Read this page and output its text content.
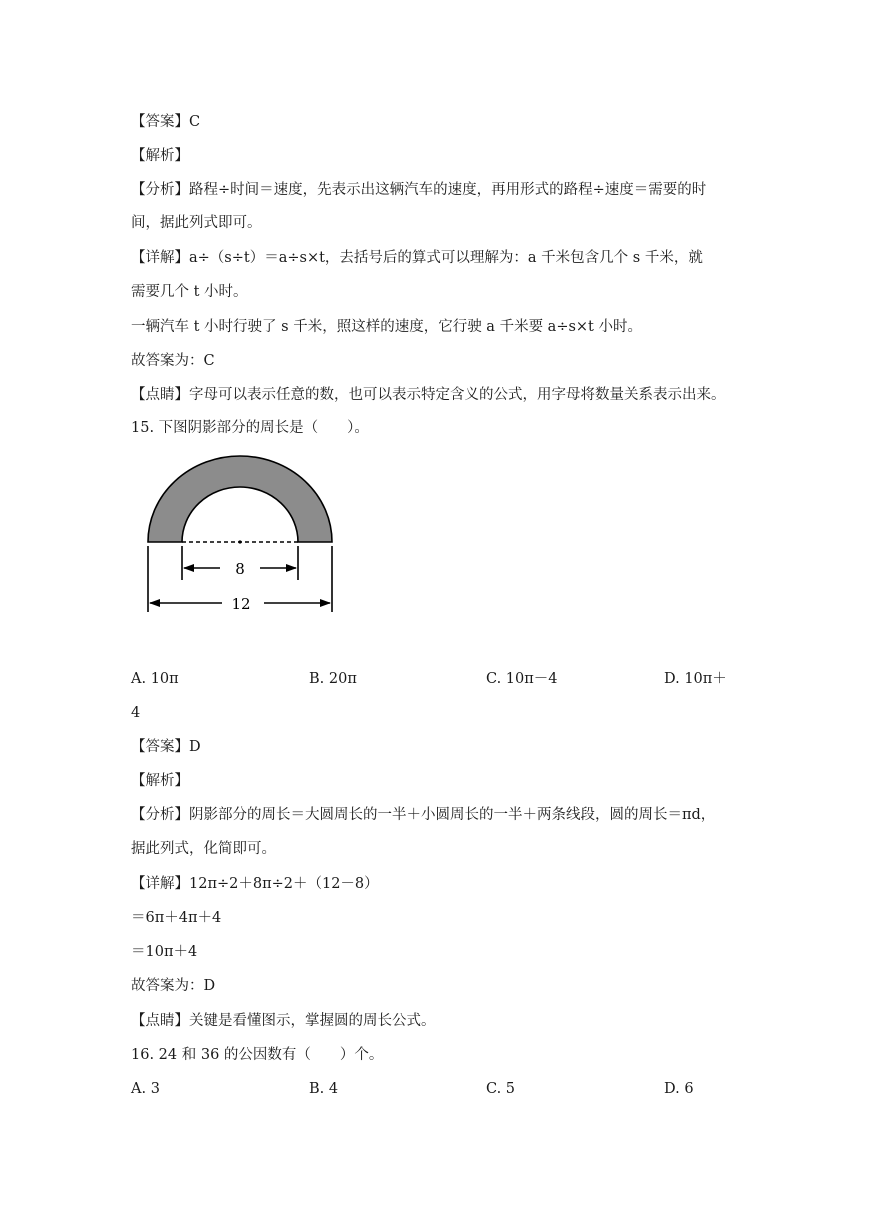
【答案】C
【解析】
【分析】路程÷时间＝速度，先表示出这辆汽车的速度，再用形式的路程÷速度＝需要的时
间，据此列式即可。
【详解】a÷（s÷t）＝a÷s×t，去括号后的算式可以理解为：a 千米包含几个 s 千米，就
需要几个 t 小时。
一辆汽车 t 小时行驶了 s 千米，照这样的速度，它行驶 a 千米要 a÷s×t 小时。
故答案为：C
【点睛】字母可以表示任意的数，也可以表示特定含义的公式，用字母将数量关系表示出来。
15. 下图阴影部分的周长是（　　）。
8
12
A. 10π	B. 20π	C. 10π－4	D. 10π＋
4
【答案】D
【解析】
【分析】阴影部分的周长＝大圆周长的一半＋小圆周长的一半＋两条线段，圆的周长＝πd，
据此列式，化简即可。
【详解】12π÷2＋8π÷2＋（12－8）
＝6π＋4π＋4
＝10π＋4
故答案为：D
【点睛】关键是看懂图示，掌握圆的周长公式。
16. 24 和 36 的公因数有（　　）个。
A. 3	B. 4	C. 5	D. 6
